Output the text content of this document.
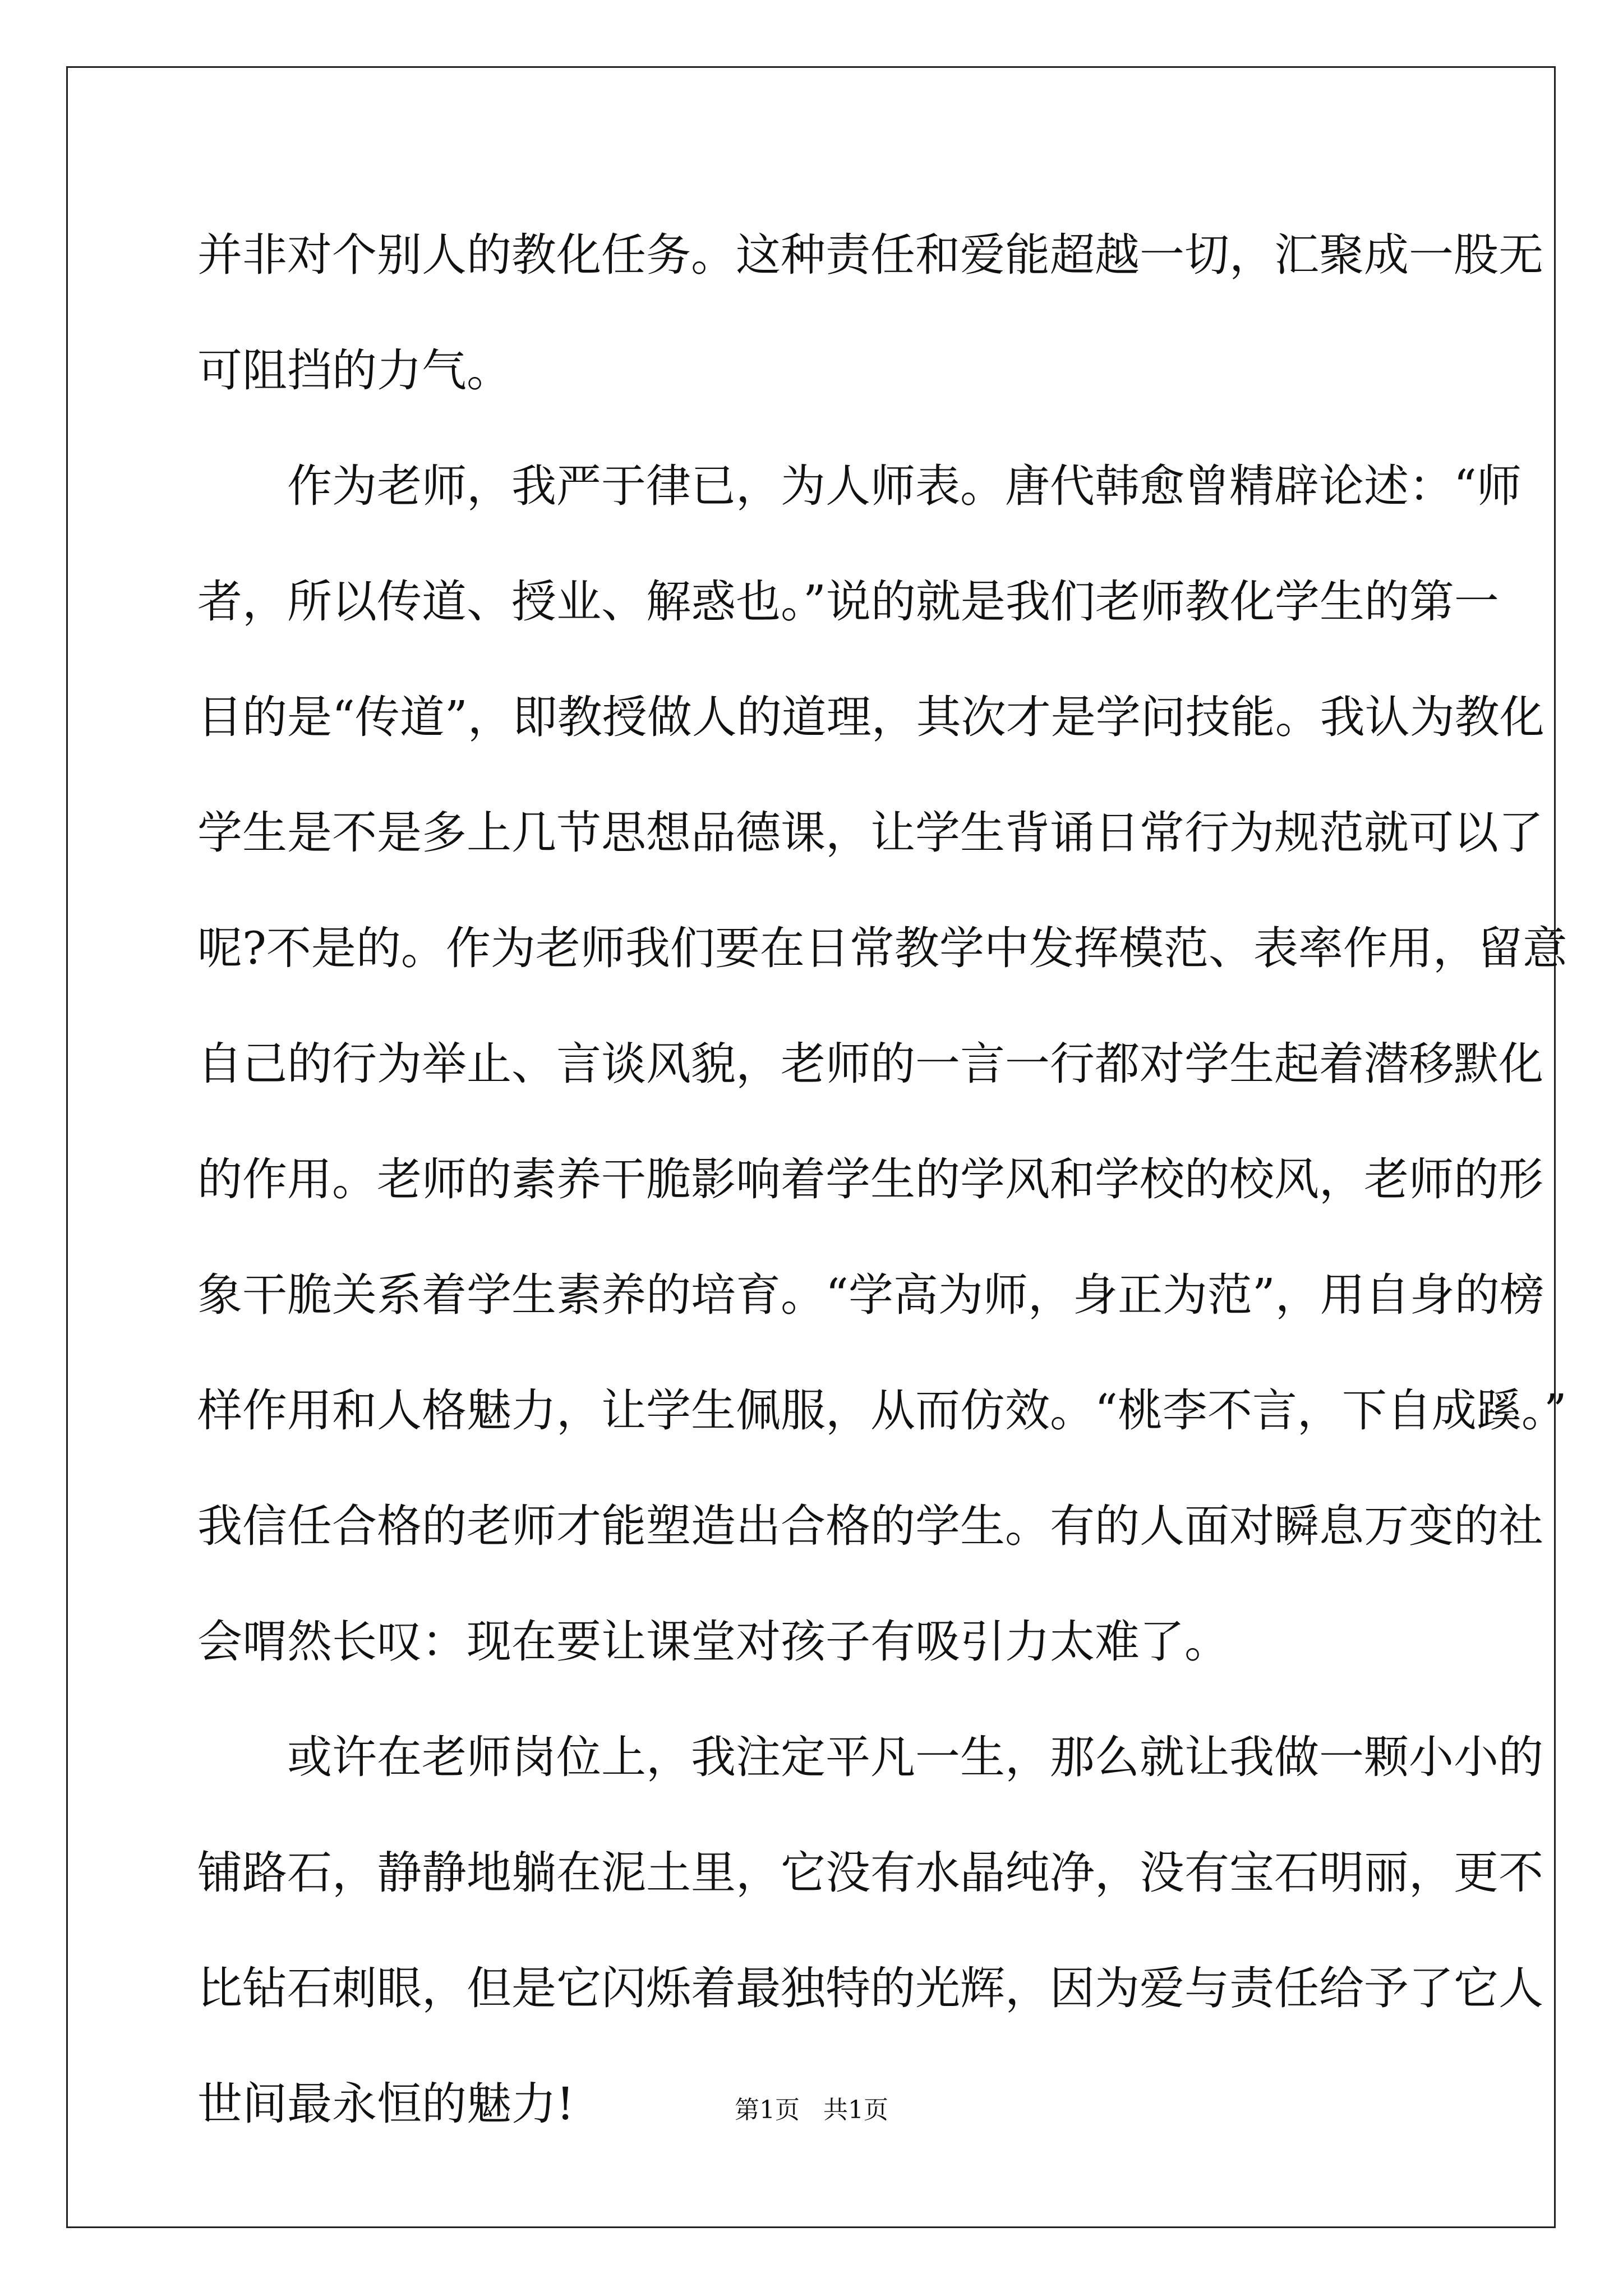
并非对个别人的教化任务。这种责任和爱能超越一切，汇聚成一股无
可阻挡的力气。
作为老师，我严于律已，为人师表。唐代韩愈曾精辟论述：“师
者，所以传道、授业、解惑也。”说的就是我们老师教化学生的第一
目的是“传道”，即教授做人的道理，其次才是学问技能。我认为教化
学生是不是多上几节思想品德课，让学生背诵日常行为规范就可以了
呢?不是的。作为老师我们要在日常教学中发挥模范、表率作用，留意
自己的行为举止、言谈风貌，老师的一言一行都对学生起着潜移默化
的作用。老师的素养干脆影响着学生的学风和学校的校风，老师的形
象干脆关系着学生素养的培育。“学高为师，身正为范”，用自身的榜
样作用和人格魅力，让学生佩服，从而仿效。“桃李不言，下自成蹊。”
我信任合格的老师才能塑造出合格的学生。有的人面对瞬息万变的社
会喟然长叹：现在要让课堂对孩子有吸引力太难了。
或许在老师岗位上，我注定平凡一生，那么就让我做一颗小小的
铺路石，静静地躺在泥土里，它没有水晶纯净，没有宝石明丽，更不
比钻石刺眼，但是它闪烁着最独特的光辉，因为爱与责任给予了它人
世间最永恒的魅力!	第1页   共1页
